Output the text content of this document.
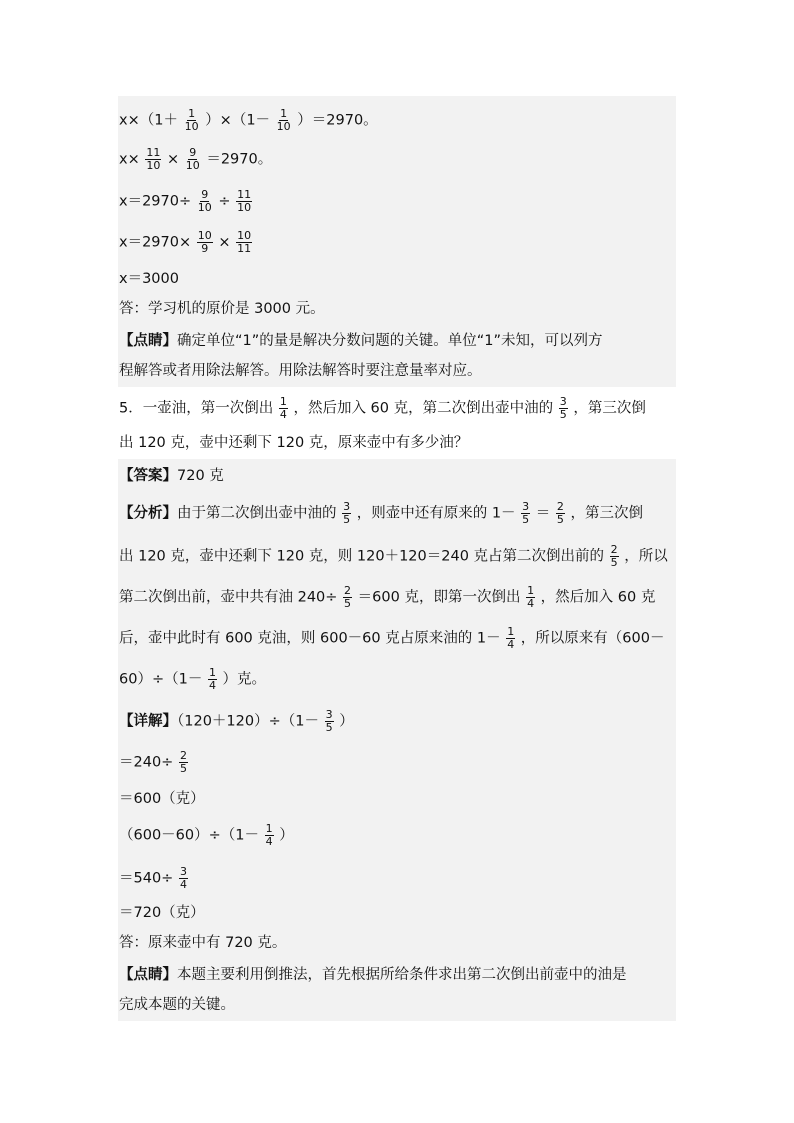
$x\times(1+ \frac{1}{10} )\times(1- \frac{1}{10} )=2970$。
$x\times \frac{11}{10} \times \frac{9}{10} =2970$。
$x=2970\div \frac{9}{10} \div \frac{11}{10}$
$x=2970\times \frac{10}{9} \times \frac{10}{11}$
x＝3000
答：学习机的原价是 3000 元。
【点睛】确定单位“1”的量是解决分数问题的关键。单位“1”未知，可以列方
程解答或者用除法解答。用除法解答时要注意量率对应。
5．一壶油，第一次倒出 $\frac{1}{4}$ ，然后加入 60 克，第二次倒出壶中油的 $\frac{3}{5}$ ，第三次倒
出 120 克，壶中还剩下 120 克，原来壶中有多少油？
【答案】720 克
【分析】由于第二次倒出壶中油的 $\frac{3}{5}$ ，则壶中还有原来的 $1- \frac{3}{5} = \frac{2}{5}$ ，第三次倒
出 120 克，壶中还剩下 120 克，则 120＋120＝240 克占第二次倒出前的 $\frac{2}{5}$ ，所以
第二次倒出前，壶中共有油 $240\div \frac{2}{5} =600$ 克，即第一次倒出 $\frac{1}{4}$ ，然后加入 60 克
后，壶中此时有 600 克油，则 600－60 克占原来油的 $1- \frac{1}{4}$ ，所以原来有（600－
$60)\div(1- \frac{1}{4}$ ）克。
【详解】$(120+120)\div(1- \frac{3}{5}$ ）
$=240\div \frac{2}{5}$
＝600（克）
$(600-60)\div(1- \frac{1}{4}$ ）
$=540\div \frac{3}{4}$
＝720（克）
答：原来壶中有 720 克。
【点睛】本题主要利用倒推法，首先根据所给条件求出第二次倒出前壶中的油是
完成本题的关键。
